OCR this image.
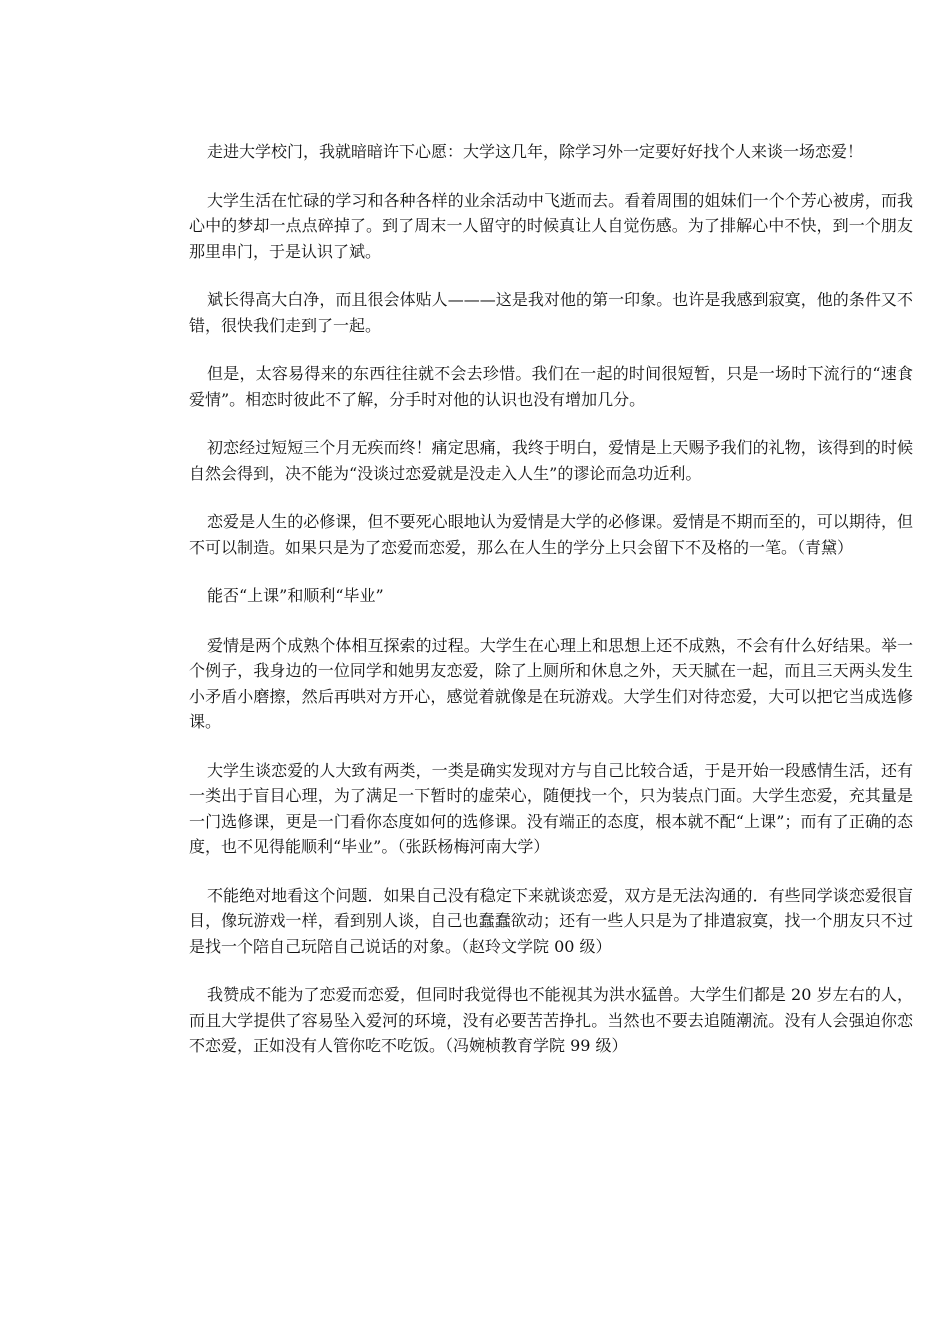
走进大学校门，我就暗暗许下心愿：大学这几年，除学习外一定要好好找个人来谈一场恋爱！

大学生活在忙碌的学习和各种各样的业余活动中飞逝而去。看着周围的姐妹们一个个芳心被虏，而我心中的梦却一点点碎掉了。到了周末一人留守的时候真让人自觉伤感。为了排解心中不快，到一个朋友那里串门，于是认识了斌。

斌长得高大白净，而且很会体贴人———这是我对他的第一印象。也许是我感到寂寞，他的条件又不错，很快我们走到了一起。

但是，太容易得来的东西往往就不会去珍惜。我们在一起的时间很短暂，只是一场时下流行的“速食爱情”。相恋时彼此不了解，分手时对他的认识也没有增加几分。

初恋经过短短三个月无疾而终！痛定思痛，我终于明白，爱情是上天赐予我们的礼物，该得到的时候自然会得到，决不能为“没谈过恋爱就是没走入人生”的谬论而急功近利。

恋爱是人生的必修课，但不要死心眼地认为爱情是大学的必修课。爱情是不期而至的，可以期待，但不可以制造。如果只是为了恋爱而恋爱，那么在人生的学分上只会留下不及格的一笔。（青黛）

能否“上课”和顺利“毕业”

爱情是两个成熟个体相互探索的过程。大学生在心理上和思想上还不成熟，不会有什么好结果。举一个例子，我身边的一位同学和她男友恋爱，除了上厕所和休息之外，天天腻在一起，而且三天两头发生小矛盾小磨擦，然后再哄对方开心，感觉着就像是在玩游戏。大学生们对待恋爱，大可以把它当成选修课。

大学生谈恋爱的人大致有两类，一类是确实发现对方与自己比较合适，于是开始一段感情生活，还有一类出于盲目心理，为了满足一下暂时的虚荣心，随便找一个，只为装点门面。大学生恋爱，充其量是一门选修课，更是一门看你态度如何的选修课。没有端正的态度，根本就不配“上课”；而有了正确的态度，也不见得能顺利“毕业”。（张跃杨梅河南大学）

不能绝对地看这个问题．如果自己没有稳定下来就谈恋爱，双方是无法沟通的．有些同学谈恋爱很盲目，像玩游戏一样，看到别人谈，自己也蠢蠢欲动；还有一些人只是为了排遣寂寞，找一个朋友只不过是找一个陪自己玩陪自己说话的对象。（赵玲文学院 00 级）

我赞成不能为了恋爱而恋爱，但同时我觉得也不能视其为洪水猛兽。大学生们都是 20 岁左右的人，而且大学提供了容易坠入爱河的环境，没有必要苦苦挣扎。当然也不要去追随潮流。没有人会强迫你恋不恋爱，正如没有人管你吃不吃饭。（冯婉桢教育学院 99 级）
